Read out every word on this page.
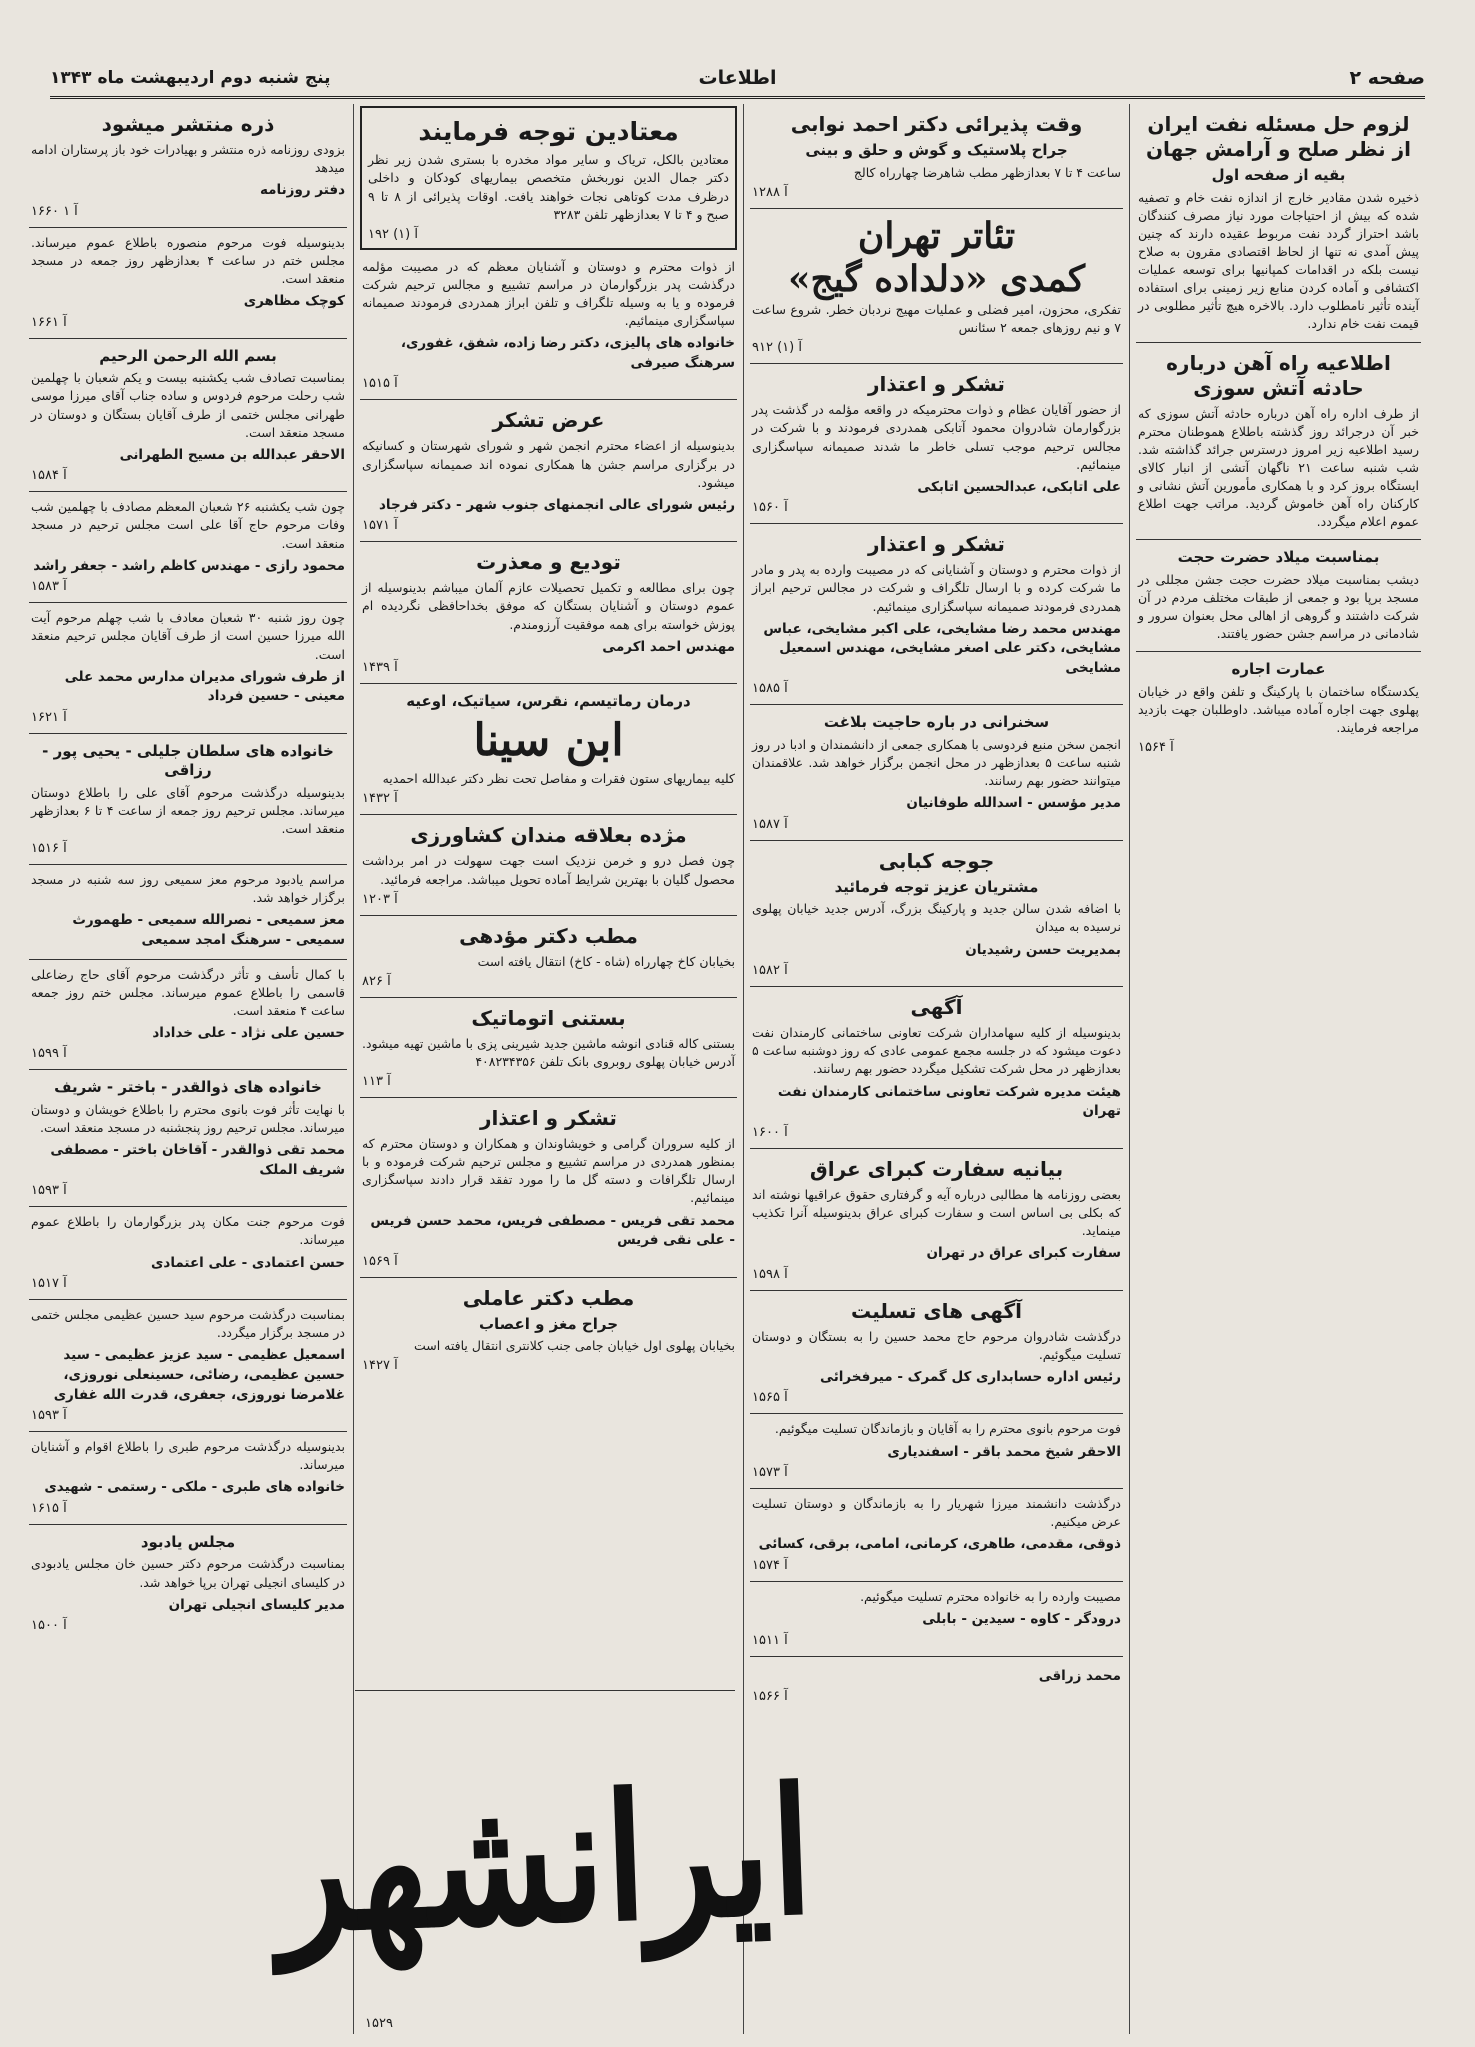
صفحه ۲
اطلاعات
پنج شنبه دوم اردیبهشت ماه ۱۳۴۳
لزوم حل مسئله نفت ایران از نظر صلح و آرامش جهان
بقیه از صفحه اول
ذخیره شدن مقادیر خارج از اندازه نفت خام و تصفیه شده که بیش از احتیاجات مورد نیاز مصرف کنندگان باشد احتراز گردد نفت مربوط عقیده دارند که چنین پیش آمدی نه تنها از لحاظ اقتصادی مقرون به صلاح نیست بلکه در اقدامات کمپانیها برای توسعه عملیات اکتشافی و آماده کردن منابع زیر زمینی برای استفاده آینده تأثیر نامطلوب دارد. بالاخره هیچ تأثیر مطلوبی در قیمت نفت خام ندارد.
اطلاعیه راه آهن درباره حادثه آتش سوزی
از طرف اداره راه آهن درباره حادثه آتش سوزی که خبر آن درجرائد روز گذشته باطلاع هموطنان محترم رسید اطلاعیه زیر امروز درسترس جرائد گذاشته شد. شب شنبه ساعت ۲۱ ناگهان آتشی از انبار کالای ایستگاه بروز کرد و با همکاری مأمورین آتش نشانی و کارکنان راه آهن خاموش گردید. مراتب جهت اطلاع عموم اعلام میگردد.
بمناسبت میلاد حضرت حجت
دیشب بمناسبت میلاد حضرت حجت جشن مجللی در مسجد برپا بود و جمعی از طبقات مختلف مردم در آن شرکت داشتند و گروهی از اهالی محل بعنوان سرور و شادمانی در مراسم جشن حضور یافتند.
عمارت اجاره
یکدستگاه ساختمان با پارکینگ و تلفن واقع در خیابان پهلوی جهت اجاره آماده میباشد. داوطلبان جهت بازدید مراجعه فرمایند.
۱۵۶۴ آ
وقت پذیرائی دکتر احمد نوابی
جراح پلاستیک و گوش و حلق و بینی
ساعت ۴ تا ۷ بعدازظهر مطب شاهرضا چهارراه کالج
۱۲۸۸ آ
تئاتر تهران
کمدی «دلداده گیج»
تفکری، محزون، امیر فضلی و عملیات مهیج نردبان خطر. شروع ساعت ۷ و نیم روزهای جمعه ۲ سئانس
۹۱۲ آ (۱)
تشکر و اعتذار
از حضور آقایان عظام و ذوات محترمیکه در واقعه مؤلمه در گذشت پدر بزرگوارمان شادروان محمود آتابکی همدردی فرمودند و با شرکت در مجالس ترحیم موجب تسلی خاطر ما شدند صمیمانه سپاسگزاری مینمائیم.
علی اتابکی، عبدالحسین اتابکی
۱۵۶۰ آ
تشکر و اعتذار
از ذوات محترم و دوستان و آشنایانی که در مصیبت وارده به پدر و مادر ما شرکت کرده و با ارسال تلگراف و شرکت در مجالس ترحیم ابراز همدردی فرمودند صمیمانه سپاسگزاری مینمائیم.
مهندس محمد رضا مشایخی، علی اکبر مشایخی، عباس مشایخی، دکتر علی اصغر مشایخی، مهندس اسمعیل مشایخی
۱۵۸۵ آ
سخنرانی در باره حاجیت بلاغت
انجمن سخن منبع فردوسی با همکاری جمعی از دانشمندان و ادبا در روز شنبه ساعت ۵ بعدازظهر در محل انجمن برگزار خواهد شد. علاقمندان میتوانند حضور بهم رسانند.
مدیر مؤسس - اسدالله طوفانیان
۱۵۸۷ آ
جوجه کبابی
مشتریان عزیز توجه فرمائید
با اضافه شدن سالن جدید و پارکینگ بزرگ، آدرس جدید خیابان پهلوی نرسیده به میدان
بمدیریت حسن رشیدیان
۱۵۸۲ آ
آگهی
بدینوسیله از کلیه سهامداران شرکت تعاونی ساختمانی کارمندان نفت دعوت میشود که در جلسه مجمع عمومی عادی که روز دوشنبه ساعت ۵ بعدازظهر در محل شرکت تشکیل میگردد حضور بهم رسانند.
هیئت مدیره شرکت تعاونی ساختمانی کارمندان نفت تهران
۱۶۰۰ آ
بیانیه سفارت کبرای عراق
بعضی روزنامه ها مطالبی درباره آیه و گرفتاری حقوق عراقیها نوشته اند که بکلی بی اساس است و سفارت کبرای عراق بدینوسیله آنرا تکذیب مینماید.
سفارت کبرای عراق در تهران
۱۵۹۸ آ
آگهی های تسلیت
درگذشت شادروان مرحوم حاج محمد حسین را به بستگان و دوستان تسلیت میگوئیم.
رئیس اداره حسابداری کل گمرک - میرفخرائی
۱۵۶۵ آ
فوت مرحوم بانوی محترم را به آقایان و بازماندگان تسلیت میگوئیم.
الاحقر شیخ محمد باقر - اسفندیاری
۱۵۷۳ آ
درگذشت دانشمند میرزا شهریار را به بازماندگان و دوستان تسلیت عرض میکنیم.
ذوقی، مقدمی، طاهری، کرمانی، امامی، برقی، کسائی
۱۵۷۴ آ
مصیبت وارده را به خانواده محترم تسلیت میگوئیم.
درودگر - کاوه - سیدین - بابلی
۱۵۱۱ آ
محمد زراقی
۱۵۶۶ آ
معتادین توجه فرمایند
معتادین بالکل، تریاک و سایر مواد مخدره با بستری شدن زیر نظر دکتر جمال الدین نوربخش متخصص بیماریهای کودکان و داخلی درظرف مدت کوتاهی نجات خواهند یافت. اوقات پذیرائی از ۸ تا ۹ صبح و ۴ تا ۷ بعدازظهر تلفن ۳۲۸۳
۱۹۲ آ (۱)
از ذوات محترم و دوستان و آشنایان معظم که در مصیبت مؤلمه درگذشت پدر بزرگوارمان در مراسم تشییع و مجالس ترحیم شرکت فرموده و یا به وسیله تلگراف و تلفن ابراز همدردی فرمودند صمیمانه سپاسگزاری مینمائیم.
خانواده های پالیزی، دکتر رضا زاده، شفق، غفوری، سرهنگ صیرفی
۱۵۱۵ آ
عرض تشکر
بدینوسیله از اعضاء محترم انجمن شهر و شورای شهرستان و کسانیکه در برگزاری مراسم جشن ها همکاری نموده اند صمیمانه سپاسگزاری میشود.
رئیس شورای عالی انجمنهای جنوب شهر - دکتر فرجاد
۱۵۷۱ آ
تودیع و معذرت
چون برای مطالعه و تکمیل تحصیلات عازم آلمان میباشم بدینوسیله از عموم دوستان و آشنایان بستگان که موفق بخداحافظی نگردیده ام پوزش خواسته برای همه موفقیت آرزومندم.
مهندس احمد اکرمی
۱۴۳۹ آ
درمان رماتیسم، نقرس، سیاتیک، اوعیه
ابن سینا
کلیه بیماریهای ستون فقرات و مفاصل تحت نظر دکتر عبدالله احمدیه
۱۴۳۲ آ
مژده بعلاقه مندان کشاورزی
چون فصل درو و خرمن نزدیک است جهت سهولت در امر برداشت محصول گلیان با بهترین شرایط آماده تحویل میباشد. مراجعه فرمائید.
۱۲۰۳ آ
مطب دکتر مؤدهی
بخیابان کاخ چهارراه (شاه - کاخ) انتقال یافته است
۸۲۶ آ
بستنی اتوماتیک
بستنی کاله قنادی انوشه ماشین جدید شیرینی پزی با ماشین تهیه میشود. آدرس خیابان پهلوی روبروی بانک تلفن ۴۰۸۲۳۴۳۵۶
۱۱۳ آ
تشکر و اعتذار
از کلیه سروران گرامی و خویشاوندان و همکاران و دوستان محترم که بمنظور همدردی در مراسم تشییع و مجلس ترحیم شرکت فرموده و با ارسال تلگرافات و دسته گل ما را مورد تفقد قرار دادند سپاسگزاری مینمائیم.
محمد تقی فریس - مصطفی فریس، محمد حسن فریس - علی نقی فریس
۱۵۶۹ آ
مطب دکتر عاملی
جراح مغز و اعصاب
بخیابان پهلوی اول خیابان جامی جنب کلانتری انتقال یافته است
۱۴۲۷ آ
ذره منتشر میشود
بزودی روزنامه ذره منتشر و بهیادرات خود باز پرستاران ادامه میدهد
دفتر روزنامه
۱۶۶۰ آ ۱
بدینوسیله فوت مرحوم منصوره باطلاع عموم میرساند. مجلس ختم در ساعت ۴ بعدازظهر روز جمعه در مسجد منعقد است.
کوچک مظاهری
۱۶۶۱ آ
بسم الله الرحمن الرحیم
بمناسبت تصادف شب یکشنبه بیست و یکم شعبان با چهلمین شب رحلت مرحوم فردوس و ساده جناب آقای میرزا موسی طهرانی مجلس ختمی از طرف آقایان بستگان و دوستان در مسجد منعقد است.
الاحقر عبدالله بن مسیح الطهرانی
۱۵۸۴ آ
چون شب یکشنبه ۲۶ شعبان المعظم مصادف با چهلمین شب وفات مرحوم حاج آقا علی است مجلس ترحیم در مسجد منعقد است.
محمود رازی - مهندس کاظم راشد - جعفر راشد
۱۵۸۳ آ
چون روز شنبه ۳۰ شعبان معادف با شب چهلم مرحوم آیت الله میرزا حسین است از طرف آقایان مجلس ترحیم منعقد است.
از طرف شورای مدیران مدارس محمد علی معینی - حسین فرداد
۱۶۲۱ آ
خانواده های سلطان جلیلی - یحیی پور - رزاقی
بدینوسیله درگذشت مرحوم آقای علی را باطلاع دوستان میرساند. مجلس ترحیم روز جمعه از ساعت ۴ تا ۶ بعدازظهر منعقد است.
۱۵۱۶ آ
مراسم یادبود مرحوم معز سمیعی روز سه شنبه در مسجد برگزار خواهد شد.
معز سمیعی - نصرالله سمیعی - طهمورث سمیعی - سرهنگ امجد سمیعی
با کمال تأسف و تأثر درگذشت مرحوم آقای حاج رضاعلی قاسمی را باطلاع عموم میرساند. مجلس ختم روز جمعه ساعت ۴ منعقد است.
حسین علی نژاد - علی خداداد
۱۵۹۹ آ
خانواده های ذوالقدر - باختر - شریف
با نهایت تأثر فوت بانوی محترم را باطلاع خویشان و دوستان میرساند. مجلس ترحیم روز پنجشنبه در مسجد منعقد است.
محمد تقی ذوالقدر - آقاخان باختر - مصطفی شریف الملک
۱۵۹۳ آ
فوت مرحوم جنت مکان پدر بزرگوارمان را باطلاع عموم میرساند.
حسن اعتمادی - علی اعتمادی
۱۵۱۷ آ
بمناسبت درگذشت مرحوم سید حسین عظیمی مجلس ختمی در مسجد برگزار میگردد.
اسمعیل عظیمی - سید عزیز عظیمی - سید حسین عظیمی، رضائی، حسینعلی نوروزی، غلامرضا نوروزی، جعفری، قدرت الله غفاری
۱۵۹۳ آ
بدینوسیله درگذشت مرحوم طبری را باطلاع اقوام و آشنایان میرساند.
خانواده های طبری - ملکی - رستمی - شهیدی
۱۶۱۵ آ
مجلس یادبود
بمناسبت درگذشت مرحوم دکتر حسین خان مجلس یادبودی در کلیسای انجیلی تهران برپا خواهد شد.
مدیر کلیسای انجیلی تهران
۱۵۰۰ آ
ایرانشهر
۱۵۲۹
